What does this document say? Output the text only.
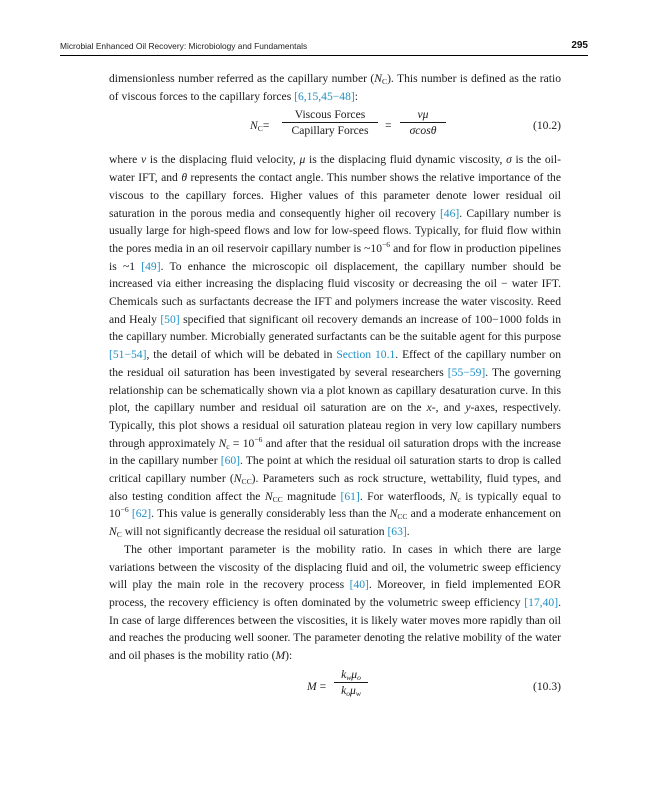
Microbial Enhanced Oil Recovery: Microbiology and Fundamentals	295

dimensionless number referred as the capillary number $(N_C)$. This number is defined as the ratio of viscous forces to the capillary forces [6,15,45−48]:

$N_C=$
Viscous Forces
Capillary Forces	= $\frac{\nu\mu}{\sigma\cos\theta}$	(10.2)

where ν is the displacing fluid velocity, μ is the displacing fluid dynamic viscosity, σ is the oil-water IFT, and θ represents the contact angle. This number shows the relative importance of the viscous to the capillary forces. Higher values of this parameter denote lower residual oil saturation in the porous media and consequently higher oil recovery [46]. Capillary number is usually large for high-speed flows and low for low-speed flows. Typically, for fluid flow within the pores media in an oil reservoir capillary number is $\sim 10^{-6}$ and for flow in production pipelines is ~1 [49]. To enhance the microscopic oil displacement, the capillary number should be increased via either increasing the displacing fluid viscosity or decreasing the oil − water IFT. Chemicals such as surfactants decrease the IFT and polymers increase the water viscosity. Reed and Healy [50] specified that significant oil recovery demands an increase of 100−1000 folds in the capillary number. Microbially generated surfactants can be the suitable agent for this purpose [51−54], the detail of which will be debated in Section 10.1. Effect of the capillary number on the residual oil saturation has been investigated by several researchers [55−59]. The governing relationship can be schematically shown via a plot known as capillary desaturation curve. In this plot, the capillary number and residual oil saturation are on the x-, and y-axes, respectively. Typically, this plot shows a residual oil saturation plateau region in very low capillary numbers through approximately $N_c = 10^{-6}$ and after that the residual oil saturation drops with the increase in the capillary number [60]. The point at which the residual oil saturation starts to drop is called critical capillary number $(N_{CC})$. Parameters such as rock structure, wettability, fluid types, and also testing condition affect the $N_{CC}$ magnitude [61]. For waterfloods, $N_c$ is typically equal to $10^{-6}$ [62]. This value is generally considerably less than the $N_{CC}$ and a moderate enhancement on $N_C$ will not significantly decrease the residual oil saturation [63].

The other important parameter is the mobility ratio. In cases in which there are large variations between the viscosity of the displacing fluid and oil, the volumetric sweep efficiency will play the main role in the recovery process [40]. Moreover, in field implemented EOR process, the recovery efficiency is often dominated by the volumetric sweep efficiency [17,40]. In case of large differences between the viscosities, it is likely water moves more rapidly than oil and reaches the producing well sooner. The parameter denoting the relative mobility of the water and oil phases is the mobility ratio (M):

M =
$k_w\mu_o$
$k_o\mu_w$
(10.3)
